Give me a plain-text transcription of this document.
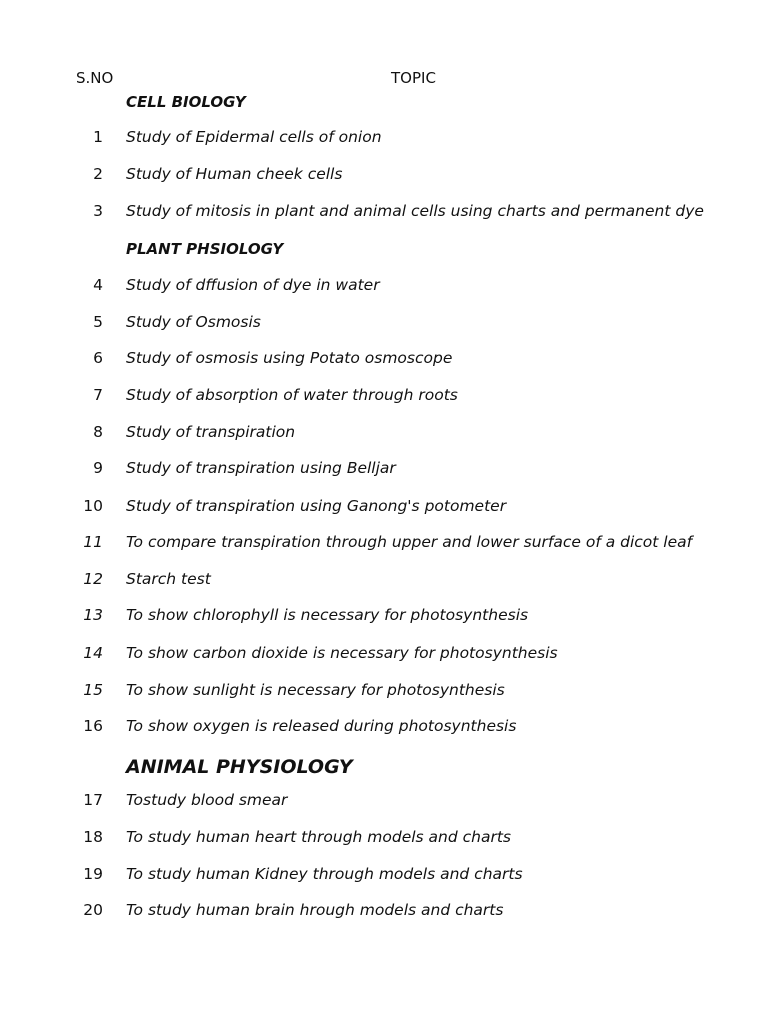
S.NO	TOPIC
CELL BIOLOGY
1 Study of Epidermal cells of onion
2 Study of Human cheek cells
3 Study of mitosis in plant and animal cells using charts and permanent dye
PLANT PHSIOLOGY
4 Study of dffusion of dye in water
5 Study of Osmosis
6 Study of osmosis using Potato osmoscope
7 Study of absorption of water through roots
8 Study of transpiration
9 Study of transpiration using Belljar
10 Study of transpiration using Ganong's potometer
11 To compare transpiration through upper and lower surface of a dicot leaf
12 Starch test
13 To show chlorophyll is necessary for photosynthesis
14 To show carbon dioxide is necessary for photosynthesis
15 To show sunlight is necessary for photosynthesis
16 To show oxygen is released during photosynthesis
ANIMAL PHYSIOLOGY
17 Tostudy blood smear
18 To study human heart through models and charts
19 To study human Kidney through models and charts
20 To study human brain hrough models and charts
